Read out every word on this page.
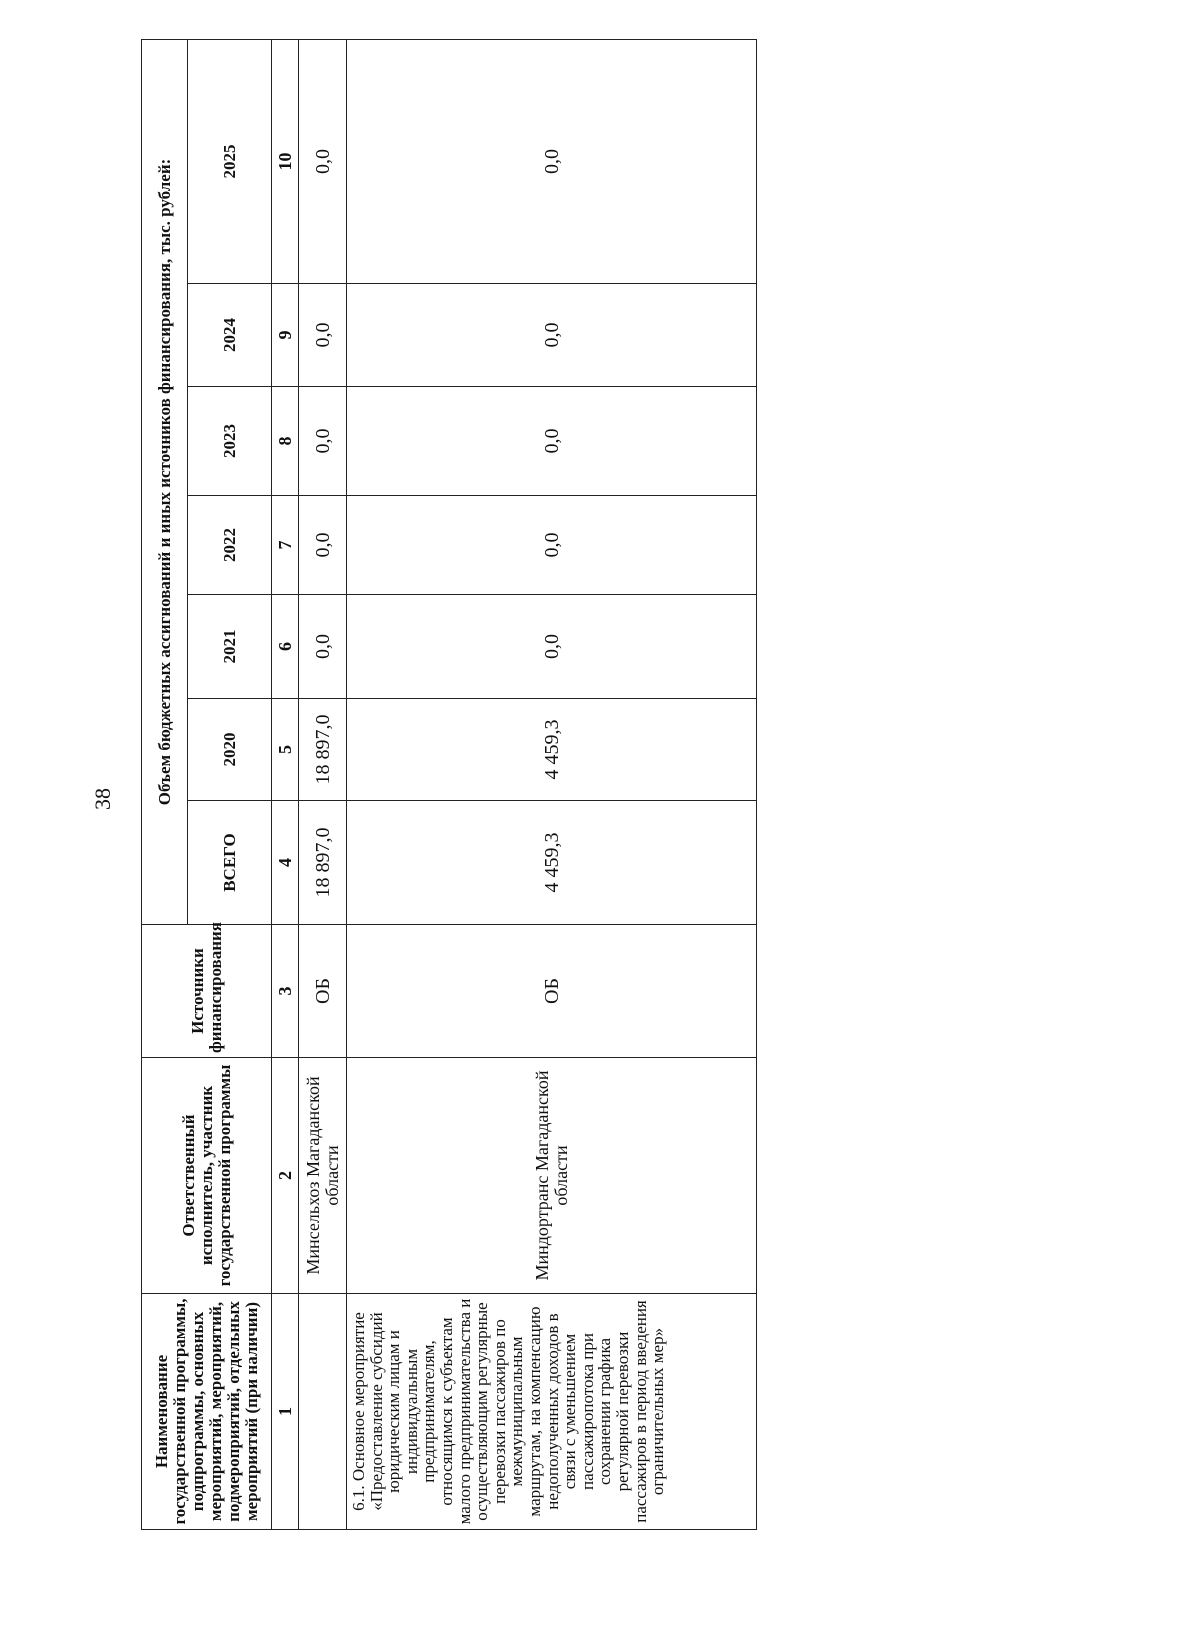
38
Наименование государственной программы, подпрограммы, основных мероприятий, мероприятий, подмероприятий, отдельных мероприятий (при наличии)	Ответственный исполнитель, участник государственной программы	Источники финансирования	Объем бюджетных ассигнований и иных источников финансирования, тыс. рублей:						
			ВСЕГО	2020	2021	2022	2023	2024	2025
1	2	3	4	5	6	7	8	9	10
	Минсельхоз Магаданской области	ОБ	18 897,0	18 897,0	0,0	0,0	0,0	0,0	0,0
6.1. Основное мероприятие «Предоставление субсидий юридическим лицам и индивидуальным предпринимателям, относящимся к субъектам малого предпринимательства и осуществляющим регулярные перевозки пассажиров по межмуниципальным маршрутам, на компенсацию недополученных доходов в связи с уменьшением пассажиропотока при сохранении графика регулярной перевозки пассажиров в период введения ограничительных мер»	Миндортранс Магаданской области	ОБ	4 459,3	4 459,3	0,0	0,0	0,0	0,0	0,0
